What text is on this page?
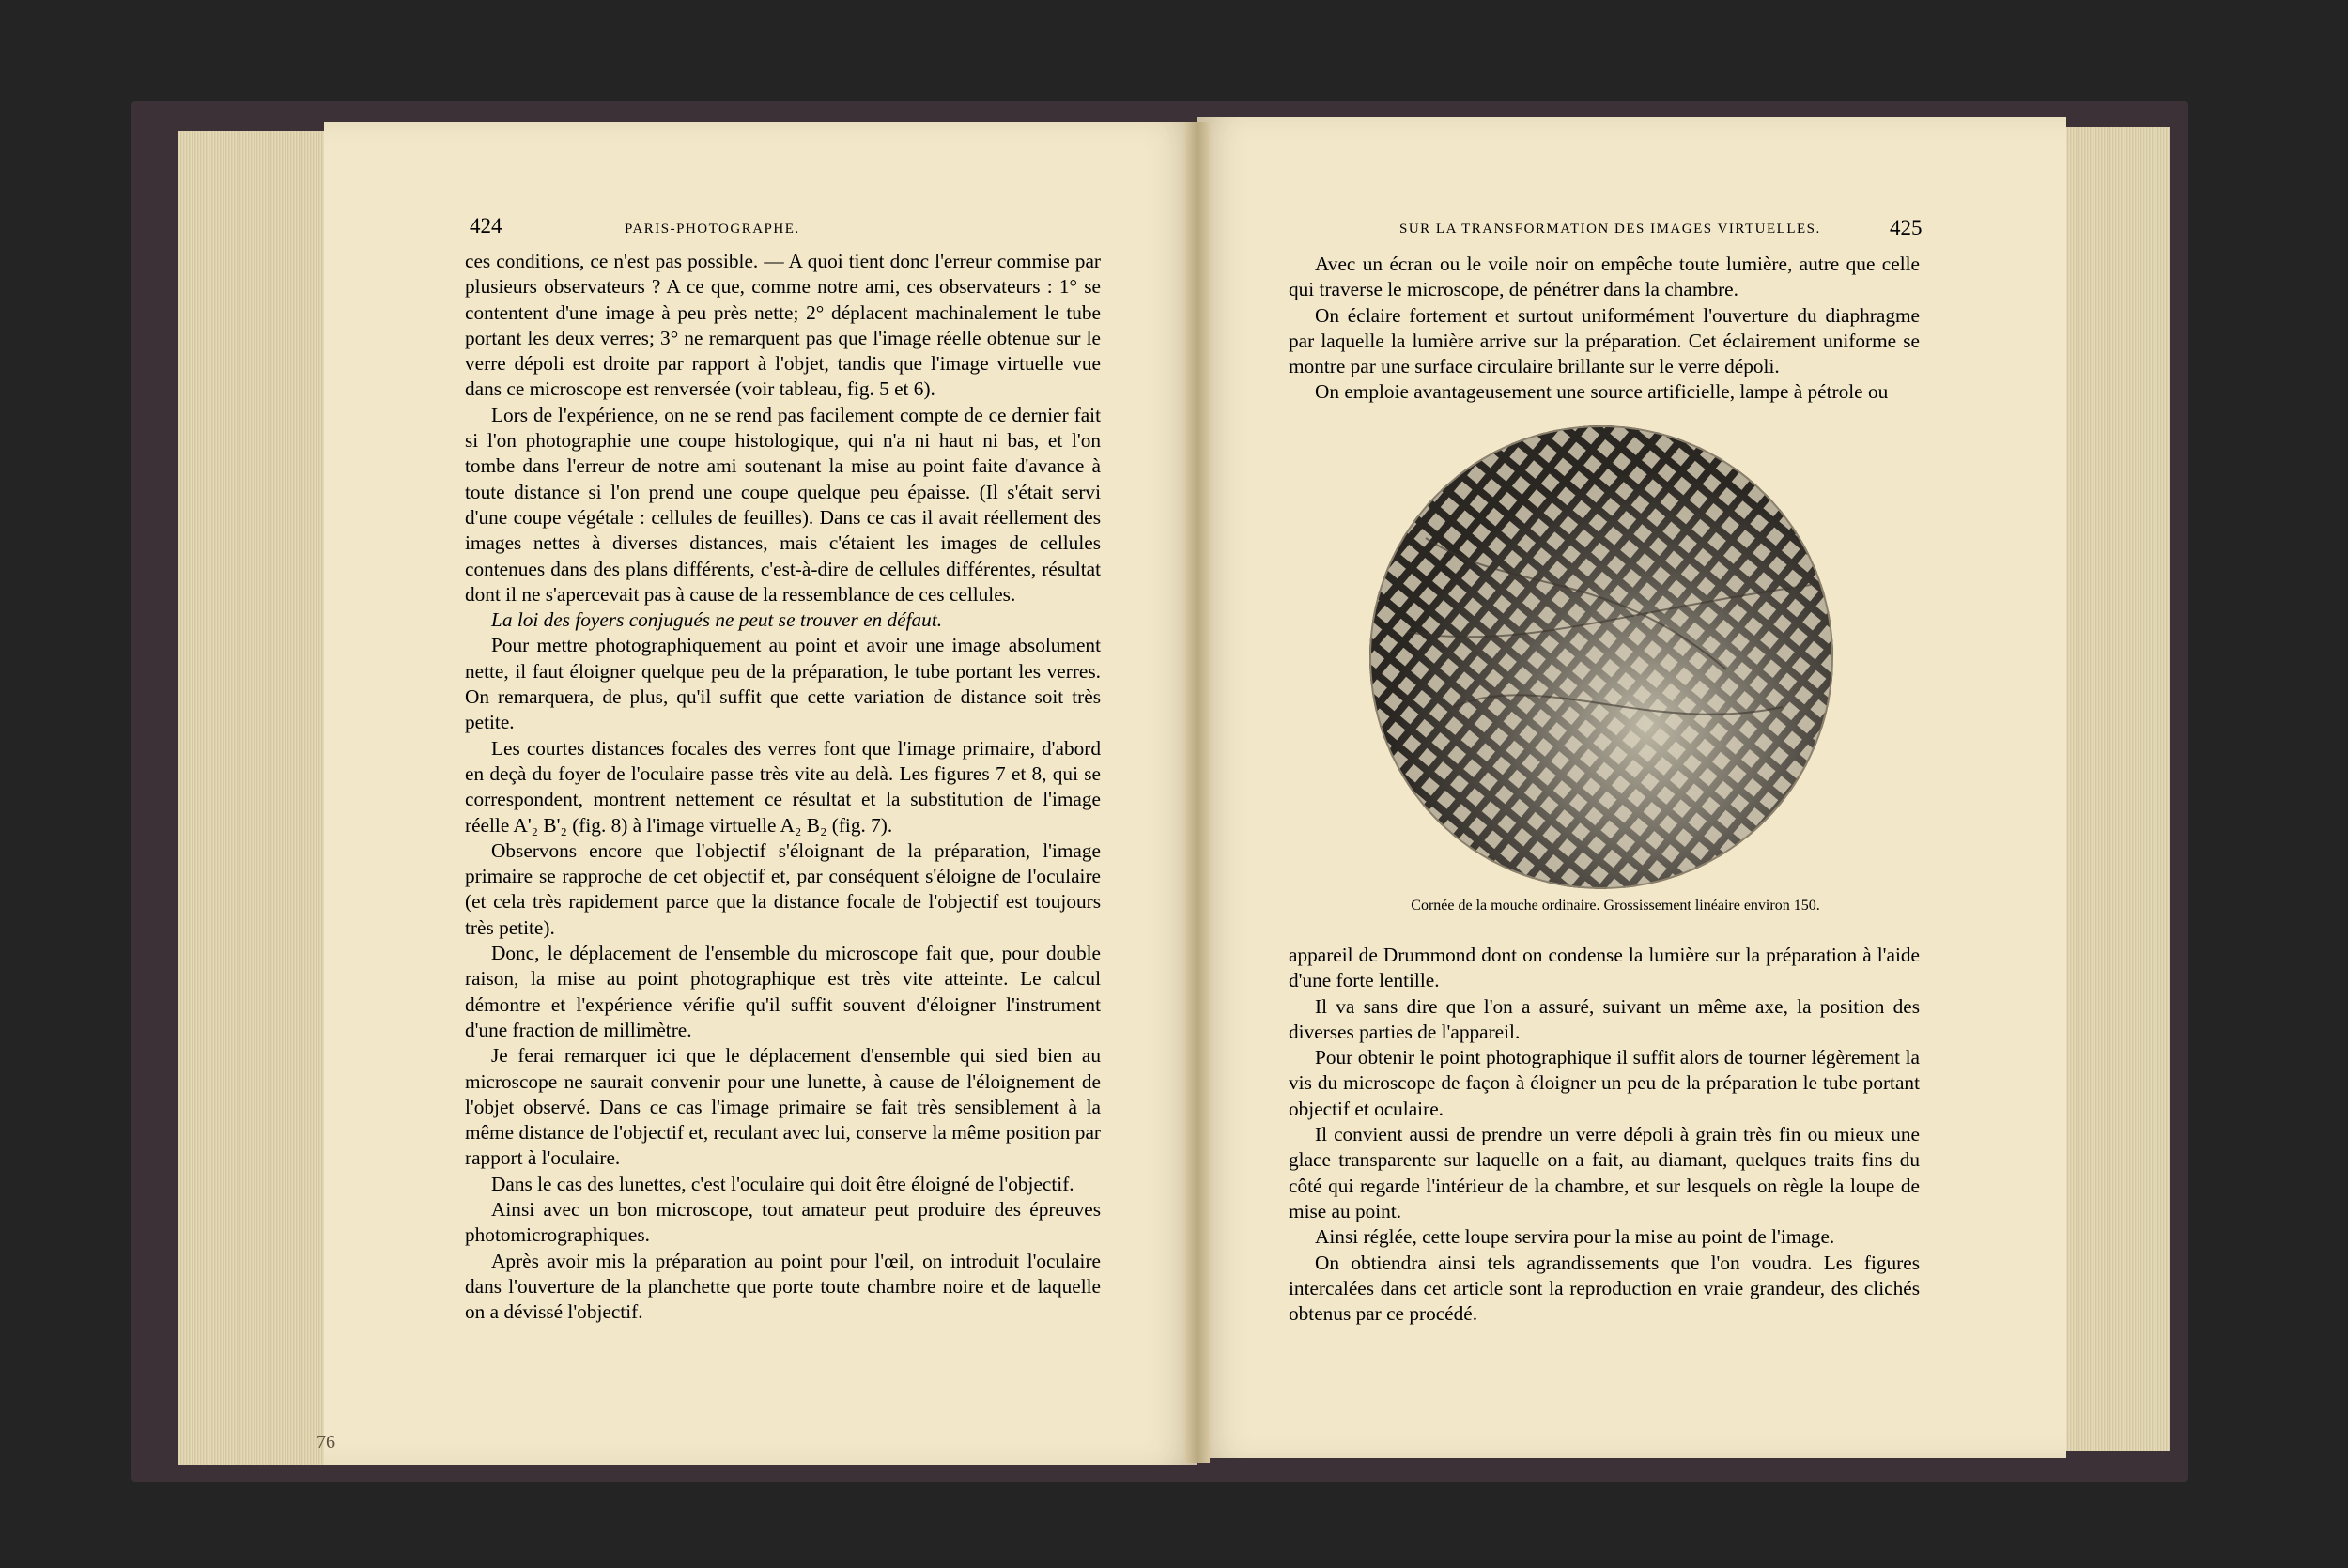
424	PARIS-PHOTOGRAPHE.

ces conditions, ce n'est pas possible. — A quoi tient donc l'erreur commise par plusieurs observateurs ? A ce que, comme notre ami, ces observateurs : 1° se contentent d'une image à peu près nette; 2° déplacent machinalement le tube portant les deux verres; 3° ne remarquent pas que l'image réelle obtenue sur le verre dépoli est droite par rapport à l'objet, tandis que l'image virtuelle vue dans ce microscope est renversée (voir tableau, fig. 5 et 6).

Lors de l'expérience, on ne se rend pas facilement compte de ce dernier fait si l'on photographie une coupe histologique, qui n'a ni haut ni bas, et l'on tombe dans l'erreur de notre ami soutenant la mise au point faite d'avance à toute distance si l'on prend une coupe quelque peu épaisse. (Il s'était servi d'une coupe végétale : cellules de feuilles). Dans ce cas il avait réellement des images nettes à diverses distances, mais c'étaient les images de cellules contenues dans des plans différents, c'est-à-dire de cellules différentes, résultat dont il ne s'apercevait pas à cause de la ressemblance de ces cellules.

La loi des foyers conjugués ne peut se trouver en défaut.

Pour mettre photographiquement au point et avoir une image absolument nette, il faut éloigner quelque peu de la préparation, le tube portant les verres. On remarquera, de plus, qu'il suffit que cette variation de distance soit très petite.

Les courtes distances focales des verres font que l'image primaire, d'abord en deçà du foyer de l'oculaire passe très vite au delà. Les figures 7 et 8, qui se correspondent, montrent nettement ce résultat et la substitution de l'image réelle A'₂ B'₂ (fig. 8) à l'image virtuelle A₂ B₂ (fig. 7).

Observons encore que l'objectif s'éloignant de la préparation, l'image primaire se rapproche de cet objectif et, par conséquent s'éloigne de l'oculaire (et cela très rapidement parce que la distance focale de l'objectif est toujours très petite).

Donc, le déplacement de l'ensemble du microscope fait que, pour double raison, la mise au point photographique est très vite atteinte. Le calcul démontre et l'expérience vérifie qu'il suffit souvent d'éloigner l'instrument d'une fraction de millimètre.

Je ferai remarquer ici que le déplacement d'ensemble qui sied bien au microscope ne saurait convenir pour une lunette, à cause de l'éloignement de l'objet observé. Dans ce cas l'image primaire se fait très sensiblement à la même distance de l'objectif et, reculant avec lui, conserve la même position par rapport à l'oculaire.

Dans le cas des lunettes, c'est l'oculaire qui doit être éloigné de l'objectif.

Ainsi avec un bon microscope, tout amateur peut produire des épreuves photomicrographiques.

Après avoir mis la préparation au point pour l'œil, on introduit l'oculaire dans l'ouverture de la planchette que porte toute chambre noire et de laquelle on a dévissé l'objectif.

76
SUR LA TRANSFORMATION DES IMAGES VIRTUELLES.	425

Avec un écran ou le voile noir on empêche toute lumière, autre que celle qui traverse le microscope, de pénétrer dans la chambre.

On éclaire fortement et surtout uniformément l'ouverture du diaphragme par laquelle la lumière arrive sur la préparation. Cet éclairement uniforme se montre par une surface circulaire brillante sur le verre dépoli.

On emploie avantageusement une source artificielle, lampe à pétrole ou

Cornée de la mouche ordinaire. Grossissement linéaire environ 150.

appareil de Drummond dont on condense la lumière sur la préparation à l'aide d'une forte lentille.

Il va sans dire que l'on a assuré, suivant un même axe, la position des diverses parties de l'appareil.

Pour obtenir le point photographique il suffit alors de tourner légèrement la vis du microscope de façon à éloigner un peu de la préparation le tube portant objectif et oculaire.

Il convient aussi de prendre un verre dépoli à grain très fin ou mieux une glace transparente sur laquelle on a fait, au diamant, quelques traits fins du côté qui regarde l'intérieur de la chambre, et sur lesquels on règle la loupe de mise au point.

Ainsi réglée, cette loupe servira pour la mise au point de l'image.

On obtiendra ainsi tels agrandissements que l'on voudra. Les figures intercalées dans cet article sont la reproduction en vraie grandeur, des clichés obtenus par ce procédé.
